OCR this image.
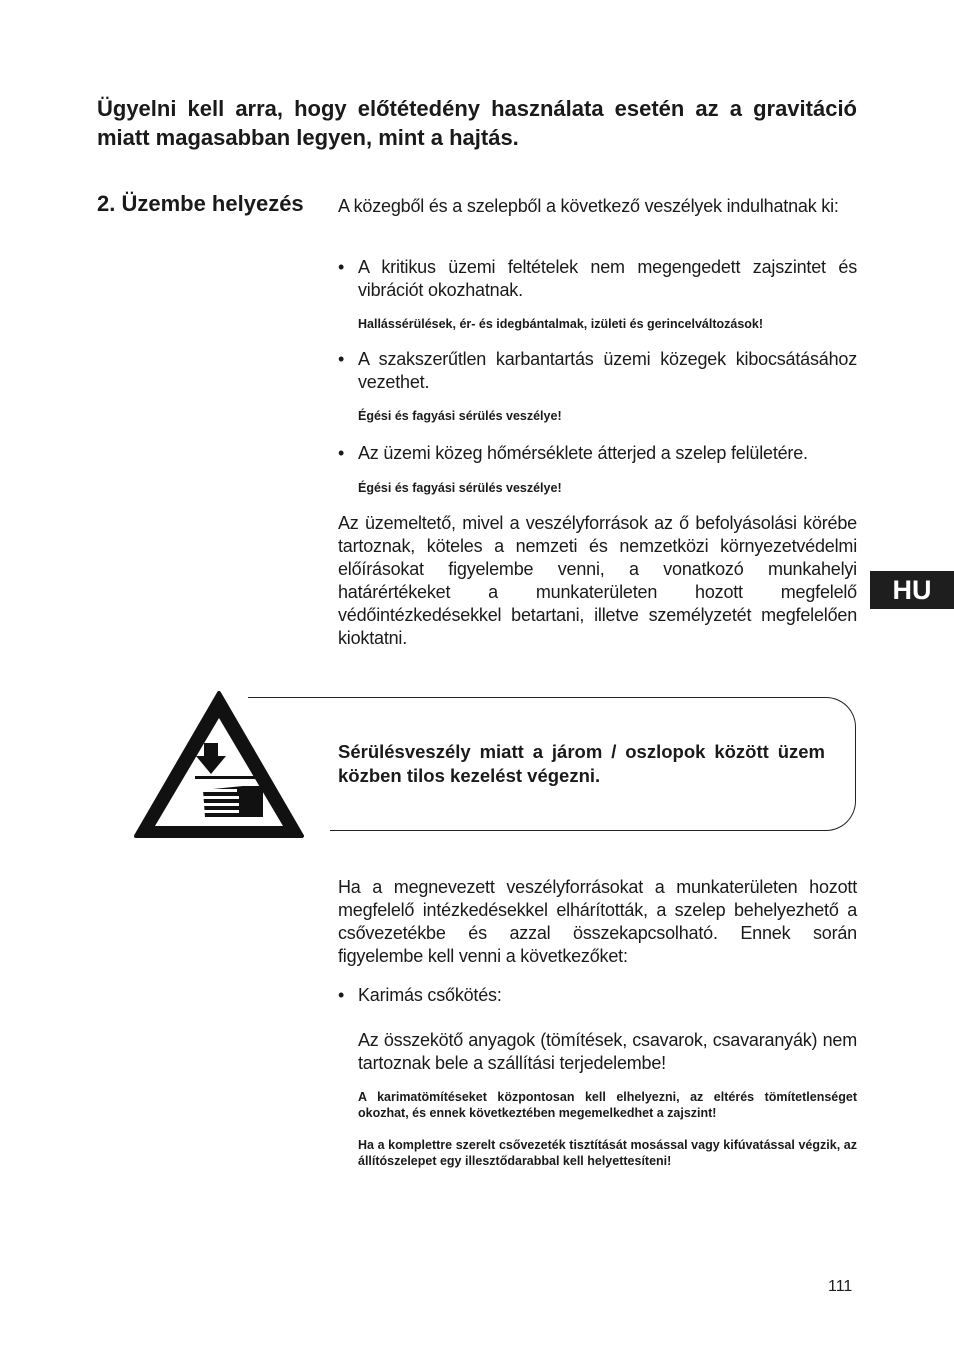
Ügyelni kell arra, hogy előtétedény használata esetén az a gravitáció miatt magasabban legyen, mint a hajtás.
2. Üzembe helyezés A közegből és a szelepből a következő veszélyek indulhatnak ki:
• A kritikus üzemi feltételek nem megengedett zajszintet és vibrációt okozhatnak.
Hallássérülések, ér- és idegbántalmak, izületi és gerincelváltozások!
• A szakszerűtlen karbantartás üzemi közegek kibocsátásához vezethet.
Égési és fagyási sérülés veszélye!
• Az üzemi közeg hőmérséklete átterjed a szelep felületére.
Égési és fagyási sérülés veszélye!
Az üzemeltető, mivel a veszélyforrások az ő befolyásolási körébe tartoznak, köteles a nemzeti és nemzetközi környezetvédelmi előírásokat figyelembe venni, a vonatkozó munkahelyi határértékeket a munkaterületen hozott megfelelő védőintézkedésekkel betartani, illetve személyzetét megfelelően kioktatni.
HU
Sérülésveszély miatt a járom / oszlopok között üzem közben tilos kezelést végezni.
Ha a megnevezett veszélyforrásokat a munkaterületen hozott megfelelő intézkedésekkel elhárították, a szelep behelyezhető a csővezetékbe és azzal összekapcsolható. Ennek során figyelembe kell venni a következőket:
• Karimás csőkötés:
Az összekötő anyagok (tömítések, csavarok, csavaranyák) nem tartoznak bele a szállítási terjedelembe!
A karimatömítéseket központosan kell elhelyezni, az eltérés tömítetlenséget okozhat, és ennek következtében megemelkedhet a zajszint!
Ha a komplettre szerelt csővezeték tisztítását mosással vagy kifúvatással végzik, az állítószelepet egy illesztődarabbal kell helyettesíteni!
111
